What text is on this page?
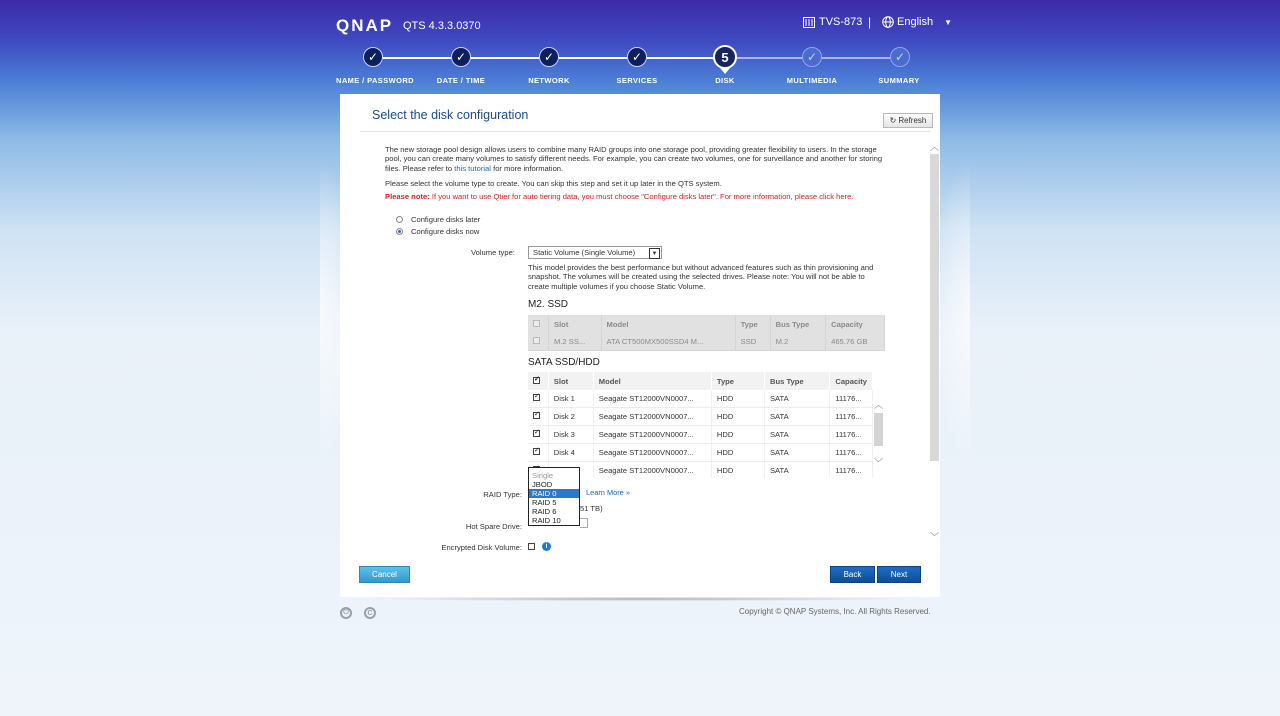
QNAP QTS 4.3.3.0370	TVS-873 | English ▼
✓	✓	✓	✓	5	✓	✓
NAME / PASSWORD	DATE / TIME	NETWORK	SERVICES	DISK	MULTIMEDIA	SUMMARY
Select the disk configuration	↻ Refresh
︿
﹀
The new storage pool design allows users to combine many RAID groups into one storage pool, providing greater flexibility to users. In the storage pool, you can create many volumes to satisfy different needs. For example, you can create two volumes, one for surveillance and another for storing files. Please refer to this tutorial for more information.
Please select the volume type to create. You can skip this step and set it up later in the QTS system.
Please note: If you want to use Qtier for auto tiering data, you must choose "Configure disks later". For more information, please click here.
Configure disks later
Configure disks now
Volume type: Static Volume (Single Volume)	▼
This model provides the best performance but without advanced features such as thin provisioning and snapshot. The volumes will be created using the selected drives. Please note: You will not be able to create multiple volumes if you choose Static Volume.
M2. SSD
	Slot	Model	Type	Bus Type	Capacity
	M.2 SS...	ATA CT500MX500SSD4 M...	SSD	M.2	465.76 GB
SATA SSD/HDD
✓	Slot	Model	Type	Bus Type	Capacity
✓	Disk 1	Seagate ST12000VN0007...	HDD	SATA	11176...
✓	Disk 2	Seagate ST12000VN0007...	HDD	SATA	11176...
✓	Disk 3	Seagate ST12000VN0007...	HDD	SATA	11176...
✓	Disk 4	Seagate ST12000VN0007...	HDD	SATA	11176...
✓		Seagate ST12000VN0007...	HDD	SATA	11176...
︿
﹀
RAID Type:
51 TB)
Single
JBOD
RAID 0
RAID 5
RAID 6
RAID 10
Learn More »
Hot Spare Drive:
Encrypted Disk Volume:	i
Cancel	Back	Next
⏻	C	Copyright © QNAP Systems, Inc. All Rights Reserved.
